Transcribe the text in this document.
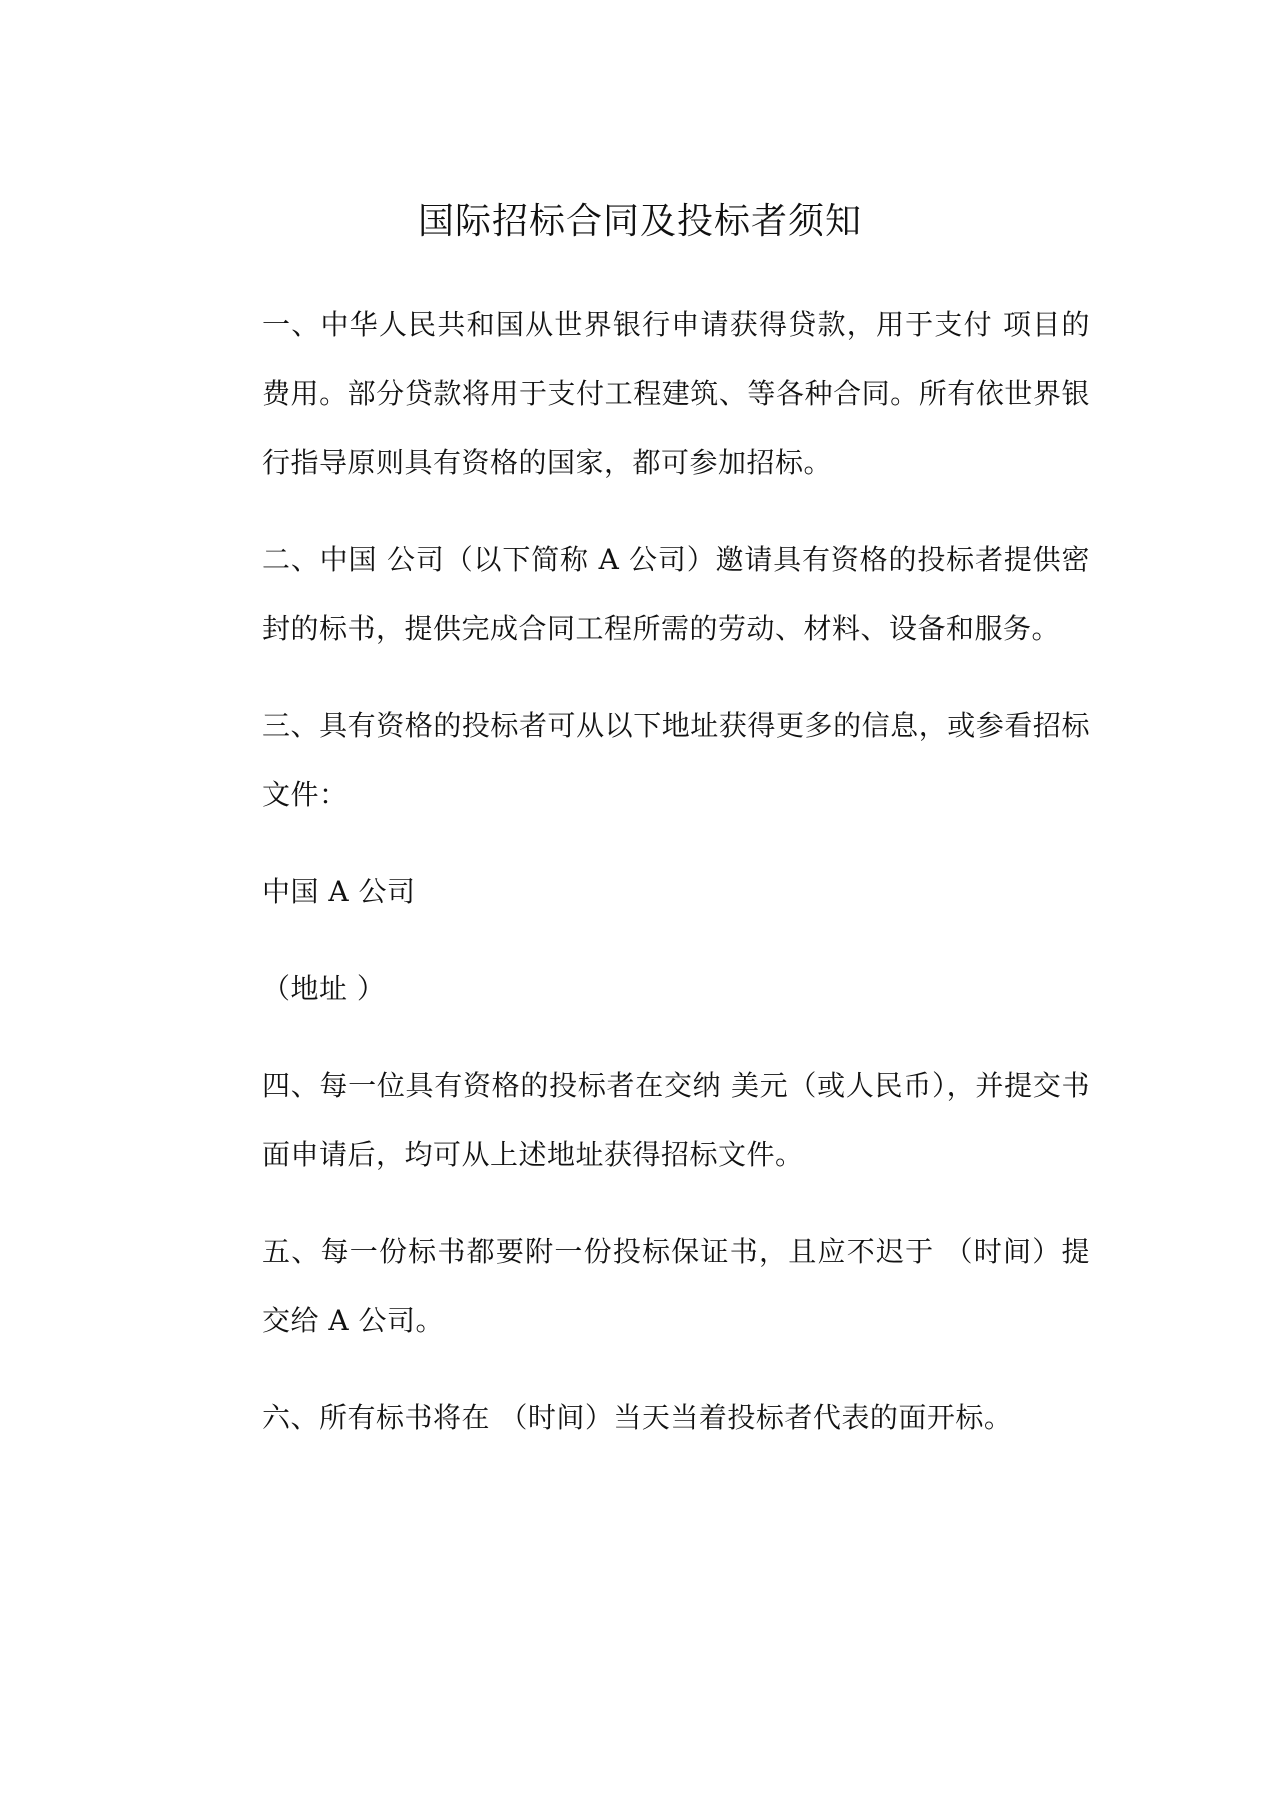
国际招标合同及投标者须知

一、中华人民共和国从世界银行申请获得贷款，用于支付 项目的费用。部分贷款将用于支付工程建筑、等各种合同。所有依世界银行指导原则具有资格的国家，都可参加招标。

二、中国 公司（以下简称 A 公司）邀请具有资格的投标者提供密封的标书，提供完成合同工程所需的劳动、材料、设备和服务。

三、具有资格的投标者可从以下地址获得更多的信息，或参看招标文件：

中国 A 公司

（地址 ）

四、每一位具有资格的投标者在交纳 美元（或人民币），并提交书面申请后，均可从上述地址获得招标文件。

五、每一份标书都要附一份投标保证书，且应不迟于 （时间）提交给 A 公司。

六、所有标书将在 （时间）当天当着投标者代表的面开标。
